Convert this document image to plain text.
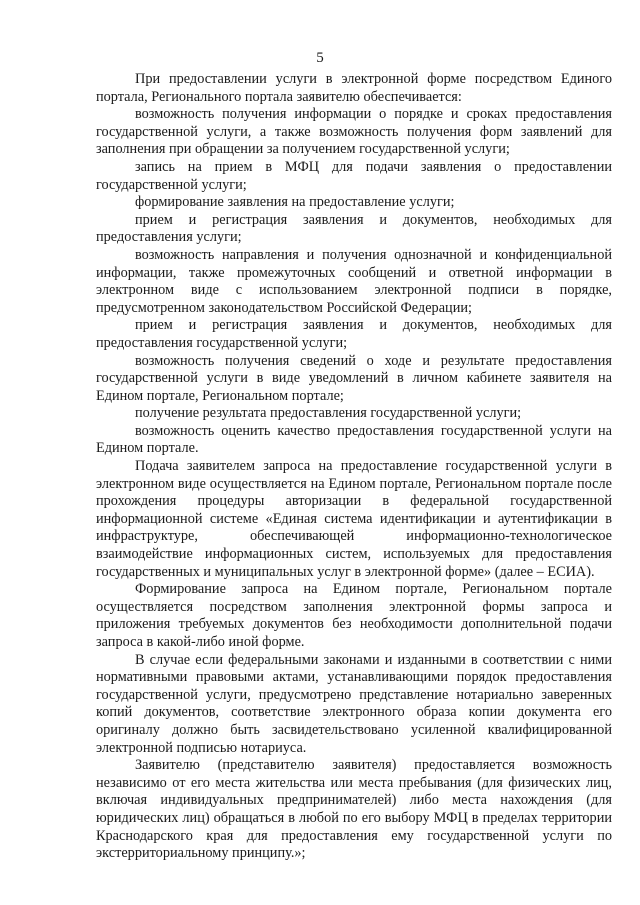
5

При предоставлении услуги в электронной форме посредством Единого портала, Регионального портала заявителю обеспечивается:

возможность получения информации о порядке и сроках предоставления государственной услуги, а также возможность получения форм заявлений для заполнения при обращении за получением государственной услуги;

запись на прием в МФЦ для подачи заявления о предоставлении государственной услуги;

формирование заявления на предоставление услуги;

прием и регистрация заявления и документов, необходимых для предоставления услуги;

возможность направления и получения однозначной и конфиденциальной информации, также промежуточных сообщений и ответной информации в электронном виде с использованием электронной подписи в порядке, предусмотренном законодательством Российской Федерации;

прием и регистрация заявления и документов, необходимых для предоставления государственной услуги;

возможность получения сведений о ходе и результате предоставления государственной услуги в виде уведомлений в личном кабинете заявителя на Едином портале, Региональном портале;

получение результата предоставления государственной услуги;

возможность оценить качество предоставления государственной услуги на Едином портале.

Подача заявителем запроса на предоставление государственной услуги в электронном виде осуществляется на Едином портале, Региональном портале после прохождения процедуры авторизации в федеральной государственной информационной системе «Единая система идентификации и аутентификации в инфраструктуре, обеспечивающей информационно-технологическое взаимодействие информационных систем, используемых для предоставления государственных и муниципальных услуг в электронной форме» (далее – ЕСИА).

Формирование запроса на Едином портале, Региональном портале осуществляется посредством заполнения электронной формы запроса и приложения требуемых документов без необходимости дополнительной подачи запроса в какой-либо иной форме.

В случае если федеральными законами и изданными в соответствии с ними нормативными правовыми актами, устанавливающими порядок предоставления государственной услуги, предусмотрено представление нотариально заверенных копий документов, соответствие электронного образа копии документа его оригиналу должно быть засвидетельствовано усиленной квалифицированной электронной подписью нотариуса.

Заявителю (представителю заявителя) предоставляется возможность независимо от его места жительства или места пребывания (для физических лиц, включая индивидуальных предпринимателей) либо места нахождения (для юридических лиц) обращаться в любой по его выбору МФЦ в пределах территории Краснодарского края для предоставления ему государственной услуги по экстерриториальному принципу.»;
